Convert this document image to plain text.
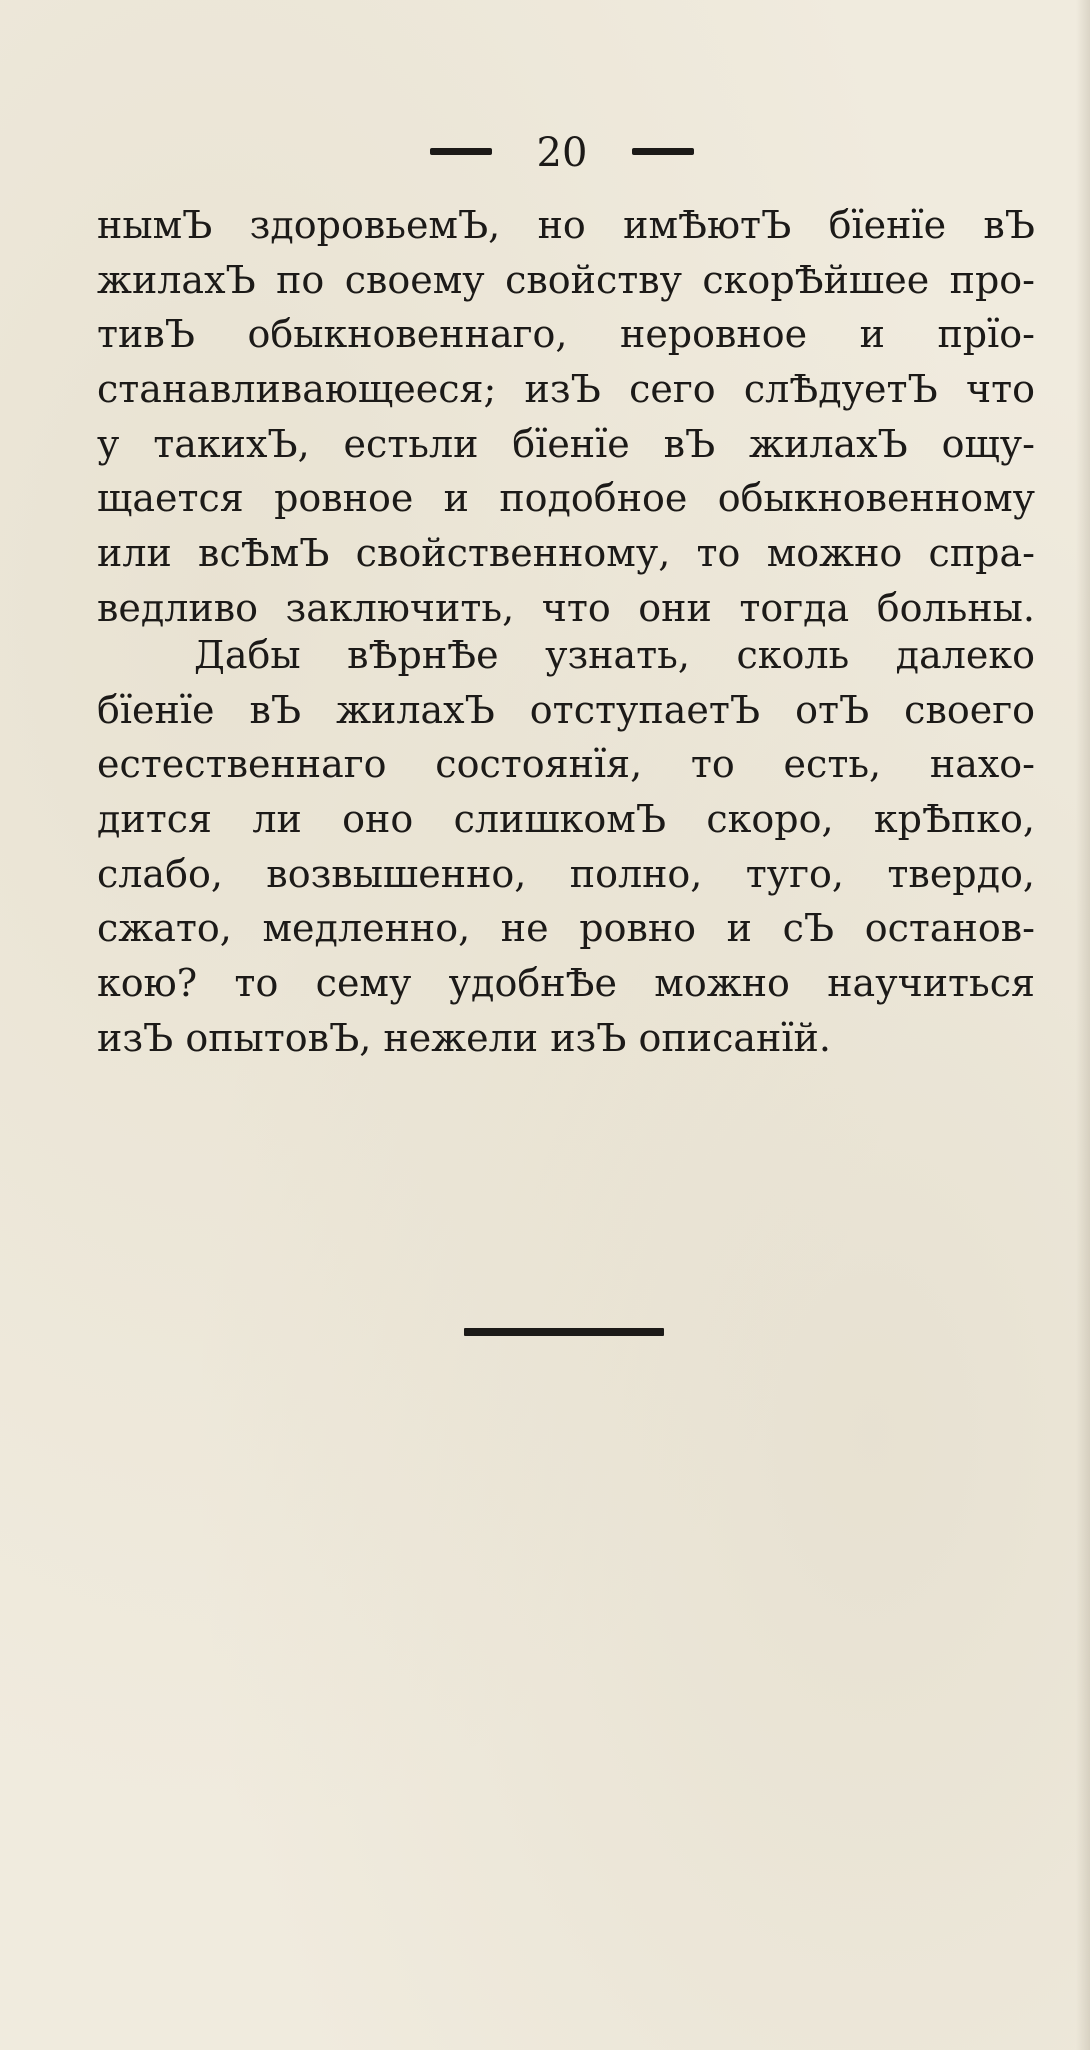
20
нымЪ здоровьемЪ, но имѢютЪ бїенїе вЪ
жилахЪ по своему свойству скорѢйшее про-
тивЪ обыкновеннаго, неровное и прїо-
станавливающееся; изЪ сего слѢдуетЪ что
у такихЪ, естьли бїенїе вЪ жилахЪ ощу-
щается ровное и подобное обыкновенному
или всѢмЪ свойственному, то можно спра-
ведливо заключить, что они тогда больны.
Дабы вѢрнѢе узнать, сколь далеко
бїенїе вЪ жилахЪ отступаетЪ отЪ своего
естественнаго состоянїя, то есть, нахо-
дится ли оно слишкомЪ скоро, крѢпко,
слабо, возвышенно, полно, туго, твердо,
сжато, медленно, не ровно и сЪ останов-
кою? то сему удобнѢе можно научиться
изЪ опытовЪ, нежели изЪ описанїй.
